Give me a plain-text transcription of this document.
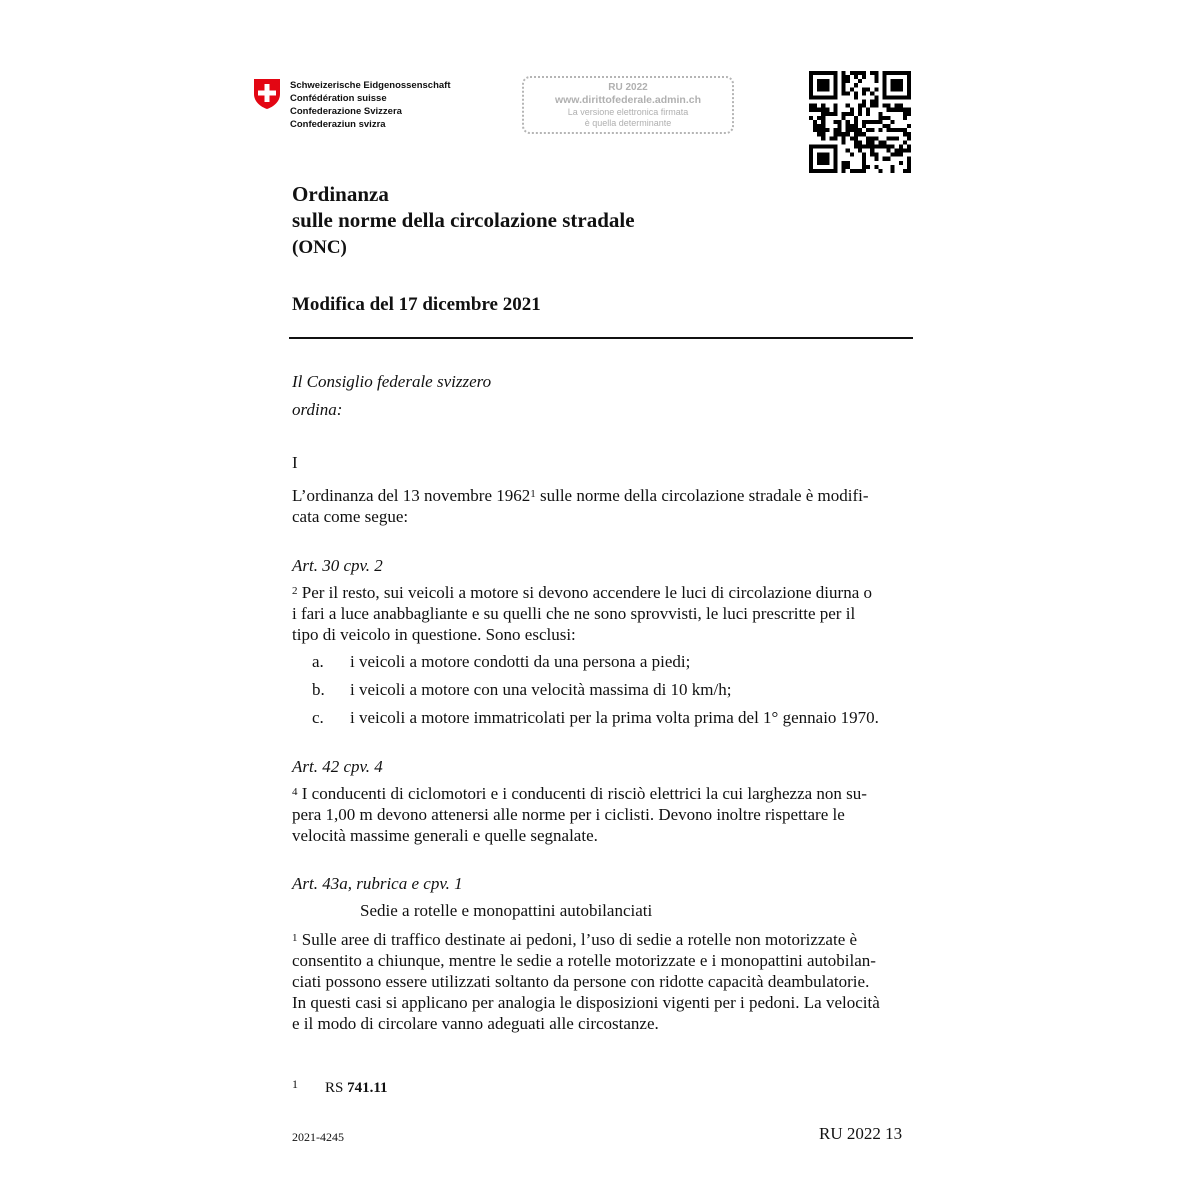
Schweizerische Eidgenossenschaft
Confédération suisse
Confederazione Svizzera
Confederaziun svizra
RU 2022
www.dirittofederale.admin.ch
La versione elettronica firmata
è quella determinante
Ordinanza
sulle norme della circolazione stradale
(ONC)
Modifica del 17 dicembre 2021
Il Consiglio federale svizzero
ordina:
I
L’ordinanza del 13 novembre 1962$^1$ sulle norme della circolazione stradale è modifi-
cata come segue:
Art. 30 cpv. 2
$^2$ Per il resto, sui veicoli a motore si devono accendere le luci di circolazione diurna o
i fari a luce anabbagliante e su quelli che ne sono sprovvisti, le luci prescritte per il
tipo di veicolo in questione. Sono esclusi:
a. i veicoli a motore condotti da una persona a piedi;
b. i veicoli a motore con una velocità massima di 10 km/h;
c. i veicoli a motore immatricolati per la prima volta prima del 1° gennaio 1970.
Art. 42 cpv. 4
$^4$ I conducenti di ciclomotori e i conducenti di risciò elettrici la cui larghezza non su-
pera 1,00 m devono attenersi alle norme per i ciclisti. Devono inoltre rispettare le
velocità massime generali e quelle segnalate.
Art. 43a, rubrica e cpv. 1
Sedie a rotelle e monopattini autobilanciati
$^1$ Sulle aree di traffico destinate ai pedoni, l’uso di sedie a rotelle non motorizzate è
consentito a chiunque, mentre le sedie a rotelle motorizzate e i monopattini autobilan-
ciati possono essere utilizzati soltanto da persone con ridotte capacità deambulatorie.
In questi casi si applicano per analogia le disposizioni vigenti per i pedoni. La velocità
e il modo di circolare vanno adeguati alle circostanze.
1 RS 741.11
2021-4245	RU 2022 13
